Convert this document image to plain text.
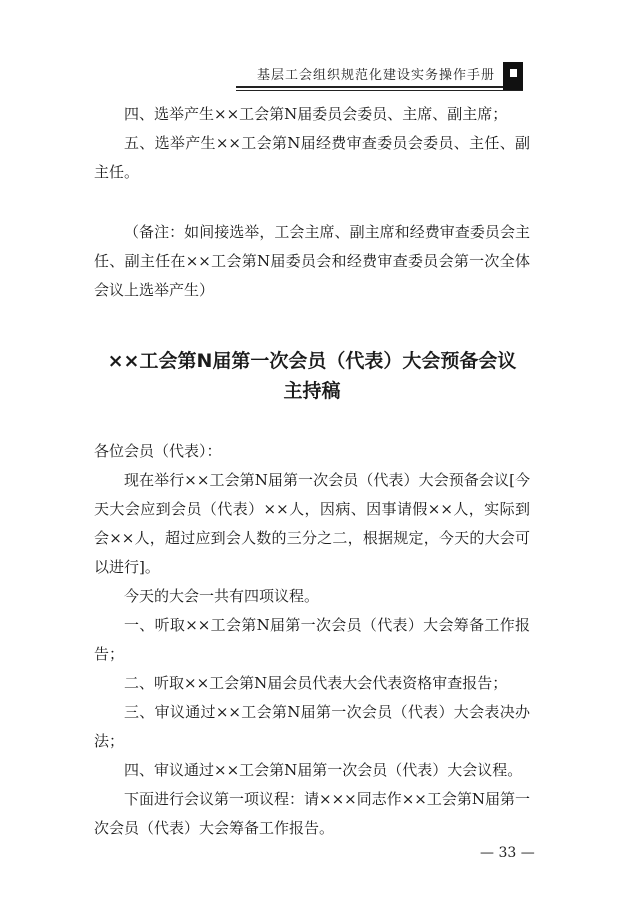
基层工会组织规范化建设实务操作手册

四、选举产生××工会第N届委员会委员、主席、副主席；

五、选举产生××工会第N届经费审查委员会委员、主任、副主任。

（备注：如间接选举，工会主席、副主席和经费审查委员会主任、副主任在××工会第N届委员会和经费审查委员会第一次全体会议上选举产生）

××工会第N届第一次会员（代表）大会预备会议
主持稿

各位会员（代表）：

现在举行××工会第N届第一次会员（代表）大会预备会议[今天大会应到会员（代表）××人，因病、因事请假××人，实际到会××人，超过应到会人数的三分之二，根据规定，今天的大会可以进行]。

今天的大会一共有四项议程。

一、听取××工会第N届第一次会员（代表）大会筹备工作报告；

二、听取××工会第N届会员代表大会代表资格审查报告；

三、审议通过××工会第N届第一次会员（代表）大会表决办法；

四、审议通过××工会第N届第一次会员（代表）大会议程。

下面进行会议第一项议程：请×××同志作××工会第N届第一次会员（代表）大会筹备工作报告。

— 33 —
